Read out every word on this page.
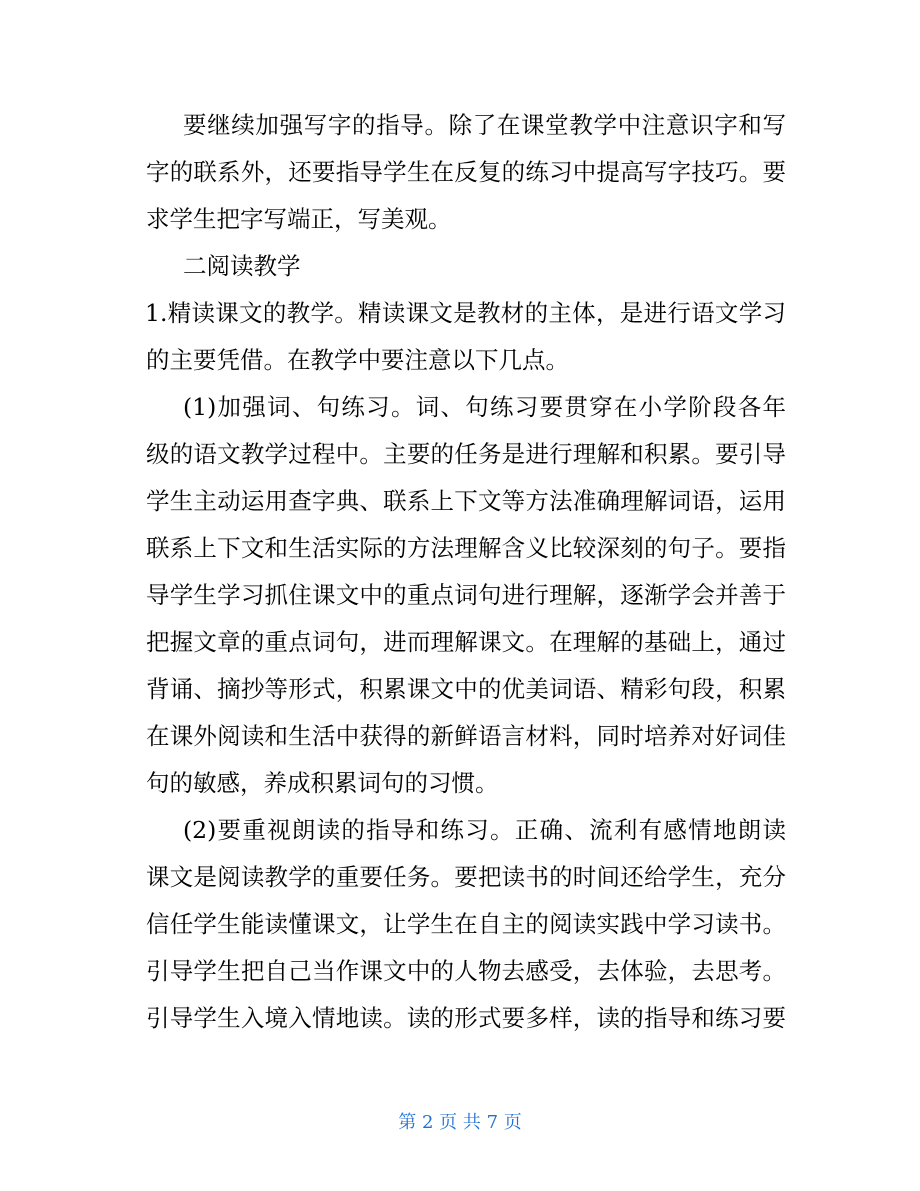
要继续加强写字的指导。除了在课堂教学中注意识字和写
字的联系外，还要指导学生在反复的练习中提高写字技巧。要
求学生把字写端正，写美观。
二阅读教学
1.精读课文的教学。精读课文是教材的主体，是进行语文学习
的主要凭借。在教学中要注意以下几点。
(1)加强词、句练习。词、句练习要贯穿在小学阶段各年
级的语文教学过程中。主要的任务是进行理解和积累。要引导
学生主动运用查字典、联系上下文等方法准确理解词语，运用
联系上下文和生活实际的方法理解含义比较深刻的句子。要指
导学生学习抓住课文中的重点词句进行理解，逐渐学会并善于
把握文章的重点词句，进而理解课文。在理解的基础上，通过
背诵、摘抄等形式，积累课文中的优美词语、精彩句段，积累
在课外阅读和生活中获得的新鲜语言材料，同时培养对好词佳
句的敏感，养成积累词句的习惯。
(2)要重视朗读的指导和练习。正确、流利有感情地朗读
课文是阅读教学的重要任务。要把读书的时间还给学生，充分
信任学生能读懂课文，让学生在自主的阅读实践中学习读书。
引导学生把自己当作课文中的人物去感受，去体验，去思考。
引导学生入境入情地读。读的形式要多样，读的指导和练习要
第 2 页 共 7 页
